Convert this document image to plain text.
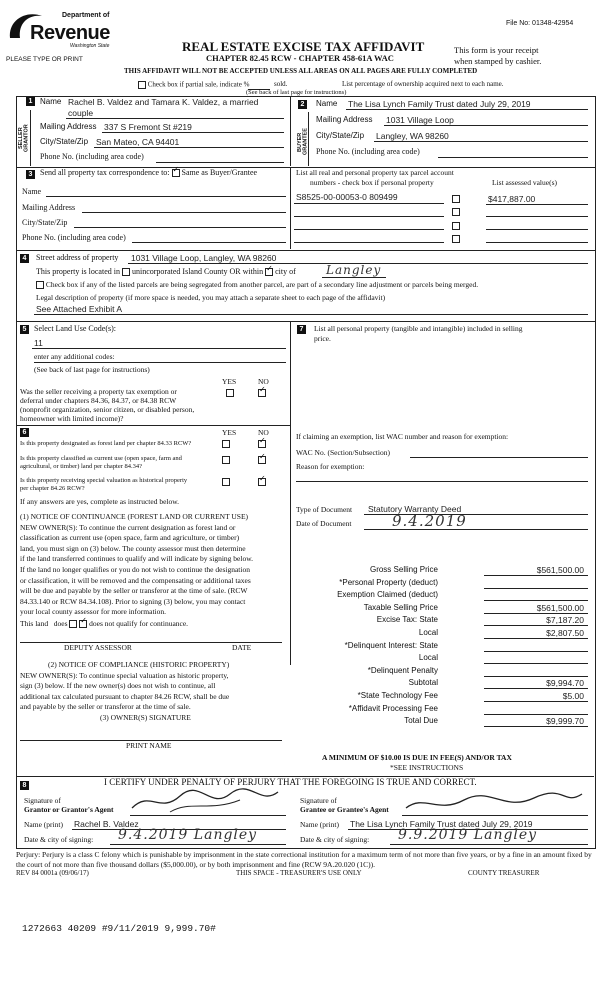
Department of
Revenue
Washington State
File No: 01348-42954
PLEASE TYPE OR PRINT
REAL ESTATE EXCISE TAX AFFIDAVIT
CHAPTER 82.45 RCW - CHAPTER 458-61A WAC
This form is your receipt
when stamped by cashier.
THIS AFFIDAVIT WILL NOT BE ACCEPTED UNLESS ALL AREAS ON ALL PAGES ARE FULLY COMPLETED
Check box if partial sale, indicate %	sold.	List percentage of ownership acquired next to each name.
(See back of last page for instructions)
1
SELLER GRANTOR
Name Rachel B. Valdez and Tamara K. Valdez, a married
couple
Mailing Address 337 S Fremont St #219
City/State/Zip San Mateo, CA 94401
Phone No. (including area code)
2
BUYER GRANTEE
Name The Lisa Lynch Family Trust dated July 29, 2019
Mailing Address 1031 Village Loop
City/State/Zip Langley, WA 98260
Phone No. (including area code)
3 Send all property tax correspondence to: ✓ Same as Buyer/Grantee
Name
Mailing Address
City/State/Zip
Phone No. (including area code)
List all real and personal property tax parcel account
numbers - check box if personal property	List assessed value(s)
S8525-00-00053-0 809499	$417,887.00
4	Street address of property 1031 Village Loop, Langley, WA 98260
This property is located in unincorporated Island County OR within ✓ city of	Langley
Check box if any of the listed parcels are being segregated from another parcel, are part of a secondary line adjustment or parcels being merged.
Legal description of property (if more space is needed, you may attach a separate sheet to each page of the affidavit)
See Attached Exhibit A
5 Select Land Use Code(s):
11
enter any additional codes:
(See back of last page for instructions)
YES	NO
Was the seller receiving a property tax exemption or
deferral under chapters 84.36, 84.37, or 84.38 RCW
(nonprofit organization, senior citizen, or disabled person,
homeowner with limited income)?
✓
6	YES	NO
Is this property designated as forest land per chapter 84.33 RCW?
✓
Is this property classified as current use (open space, farm and
agricultural, or timber) land per chapter 84.34?
✓
Is this property receiving special valuation as historical property
per chapter 84.26 RCW?
✓
If any answers are yes, complete as instructed below.
(1) NOTICE OF CONTINUANCE (FOREST LAND OR CURRENT USE)
NEW OWNER(S): To continue the current designation as forest land or
classification as current use (open space, farm and agriculture, or timber)
land, you must sign on (3) below. The county assessor must then determine
if the land transferred continues to qualify and will indicate by signing below.
If the land no longer qualifies or you do not wish to continue the designation
or classification, it will be removed and the compensating or additional taxes
will be due and payable by the seller or transferor at the time of sale. (RCW
84.33.140 or RCW 84.34.108). Prior to signing (3) below, you may contact
your local county assessor for more information.
This land does ✓	does not qualify for continuance.
DEPUTY ASSESSOR	DATE
(2) NOTICE OF COMPLIANCE (HISTORIC PROPERTY)
NEW OWNER(S): To continue special valuation as historic property,
sign (3) below. If the new owner(s) does not wish to continue, all
additional tax calculated pursuant to chapter 84.26 RCW, shall be due
and payable by the seller or transferor at the time of sale.
(3) OWNER(S) SIGNATURE
PRINT NAME
7	List all personal property (tangible and intangible) included in selling
price.
If claiming an exemption, list WAC number and reason for exemption:
WAC No. (Section/Subsection)
Reason for exemption:
Type of Document Statutory Warranty Deed
Date of Document	9.4.2019
Gross Selling Price	$561,500.00
*Personal Property (deduct)
Exemption Claimed (deduct)
Taxable Selling Price	$561,500.00
Excise Tax: State	$7,187.20
Local	$2,807.50
*Delinquent Interest: State
Local
*Delinquent Penalty
Subtotal	$9,994.70
*State Technology Fee	$5.00
*Affidavit Processing Fee
Total Due	$9,999.70
A MINIMUM OF $10.00 IS DUE IN FEE(S) AND/OR TAX
*SEE INSTRUCTIONS
8	I CERTIFY UNDER PENALTY OF PERJURY THAT THE FOREGOING IS TRUE AND CORRECT.
Signature of
Grantor or Grantor's Agent
Name (print) Rachel B. Valdez
Date & city of signing: 9.4.2019 Langley
Signature of
Grantee or Grantee's Agent
Name (print) The Lisa Lynch Family Trust dated July 29, 2019
Date & city of signing: 9.9.2019 Langley
Perjury: Perjury is a class C felony which is punishable by imprisonment in the state correctional institution for a maximum term of not more than five years, or by a fine in an amount fixed by the court of not more than five thousand dollars ($5,000.00), or by both imprisonment and fine (RCW 9A.20.020 (1C)).
REV 84 0001a (09/06/17)	THIS SPACE - TREASURER'S USE ONLY	COUNTY TREASURER
1272663 40209 #9/11/2019 9,999.70#
